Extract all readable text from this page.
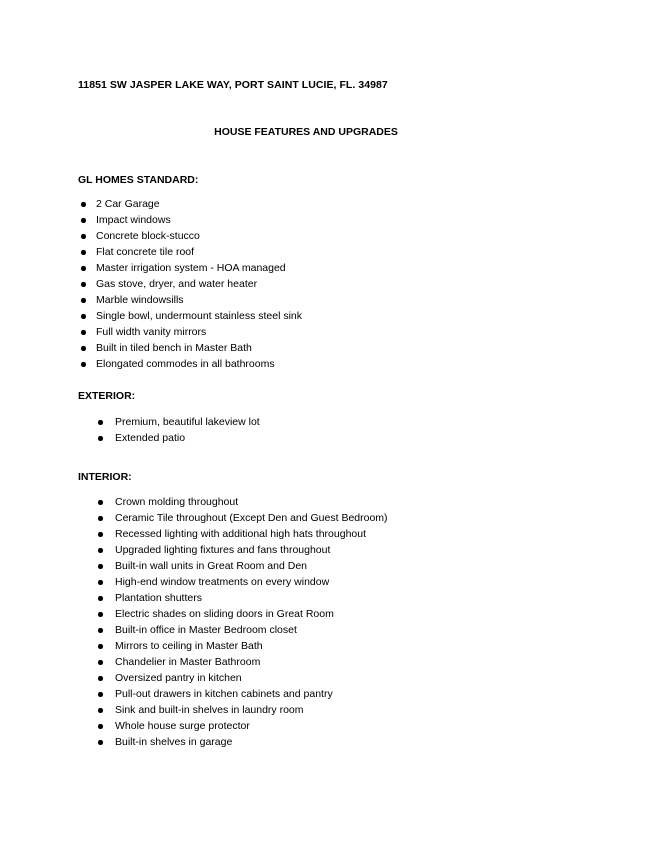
11851 SW JASPER LAKE WAY, PORT SAINT LUCIE, FL. 34987
HOUSE FEATURES AND UPGRADES
GL HOMES STANDARD:
2 Car Garage
Impact windows
Concrete block-stucco
Flat concrete tile roof
Master irrigation system - HOA managed
Gas stove, dryer, and water heater
Marble windowsills
Single bowl, undermount stainless steel sink
Full width vanity mirrors
Built in tiled bench in Master Bath
Elongated commodes in all bathrooms
EXTERIOR:
Premium, beautiful lakeview lot
Extended patio
INTERIOR:
Crown molding throughout
Ceramic Tile throughout (Except Den and Guest Bedroom)
Recessed lighting with additional high hats throughout
Upgraded lighting fixtures and fans throughout
Built-in wall units in Great Room and Den
High-end window treatments on every window
Plantation shutters
Electric shades on sliding doors in Great Room
Built-in office in Master Bedroom closet
Mirrors to ceiling in Master Bath
Chandelier in Master Bathroom
Oversized pantry in kitchen
Pull-out drawers in kitchen cabinets and pantry
Sink and built-in shelves in laundry room
Whole house surge protector
Built-in shelves in garage
